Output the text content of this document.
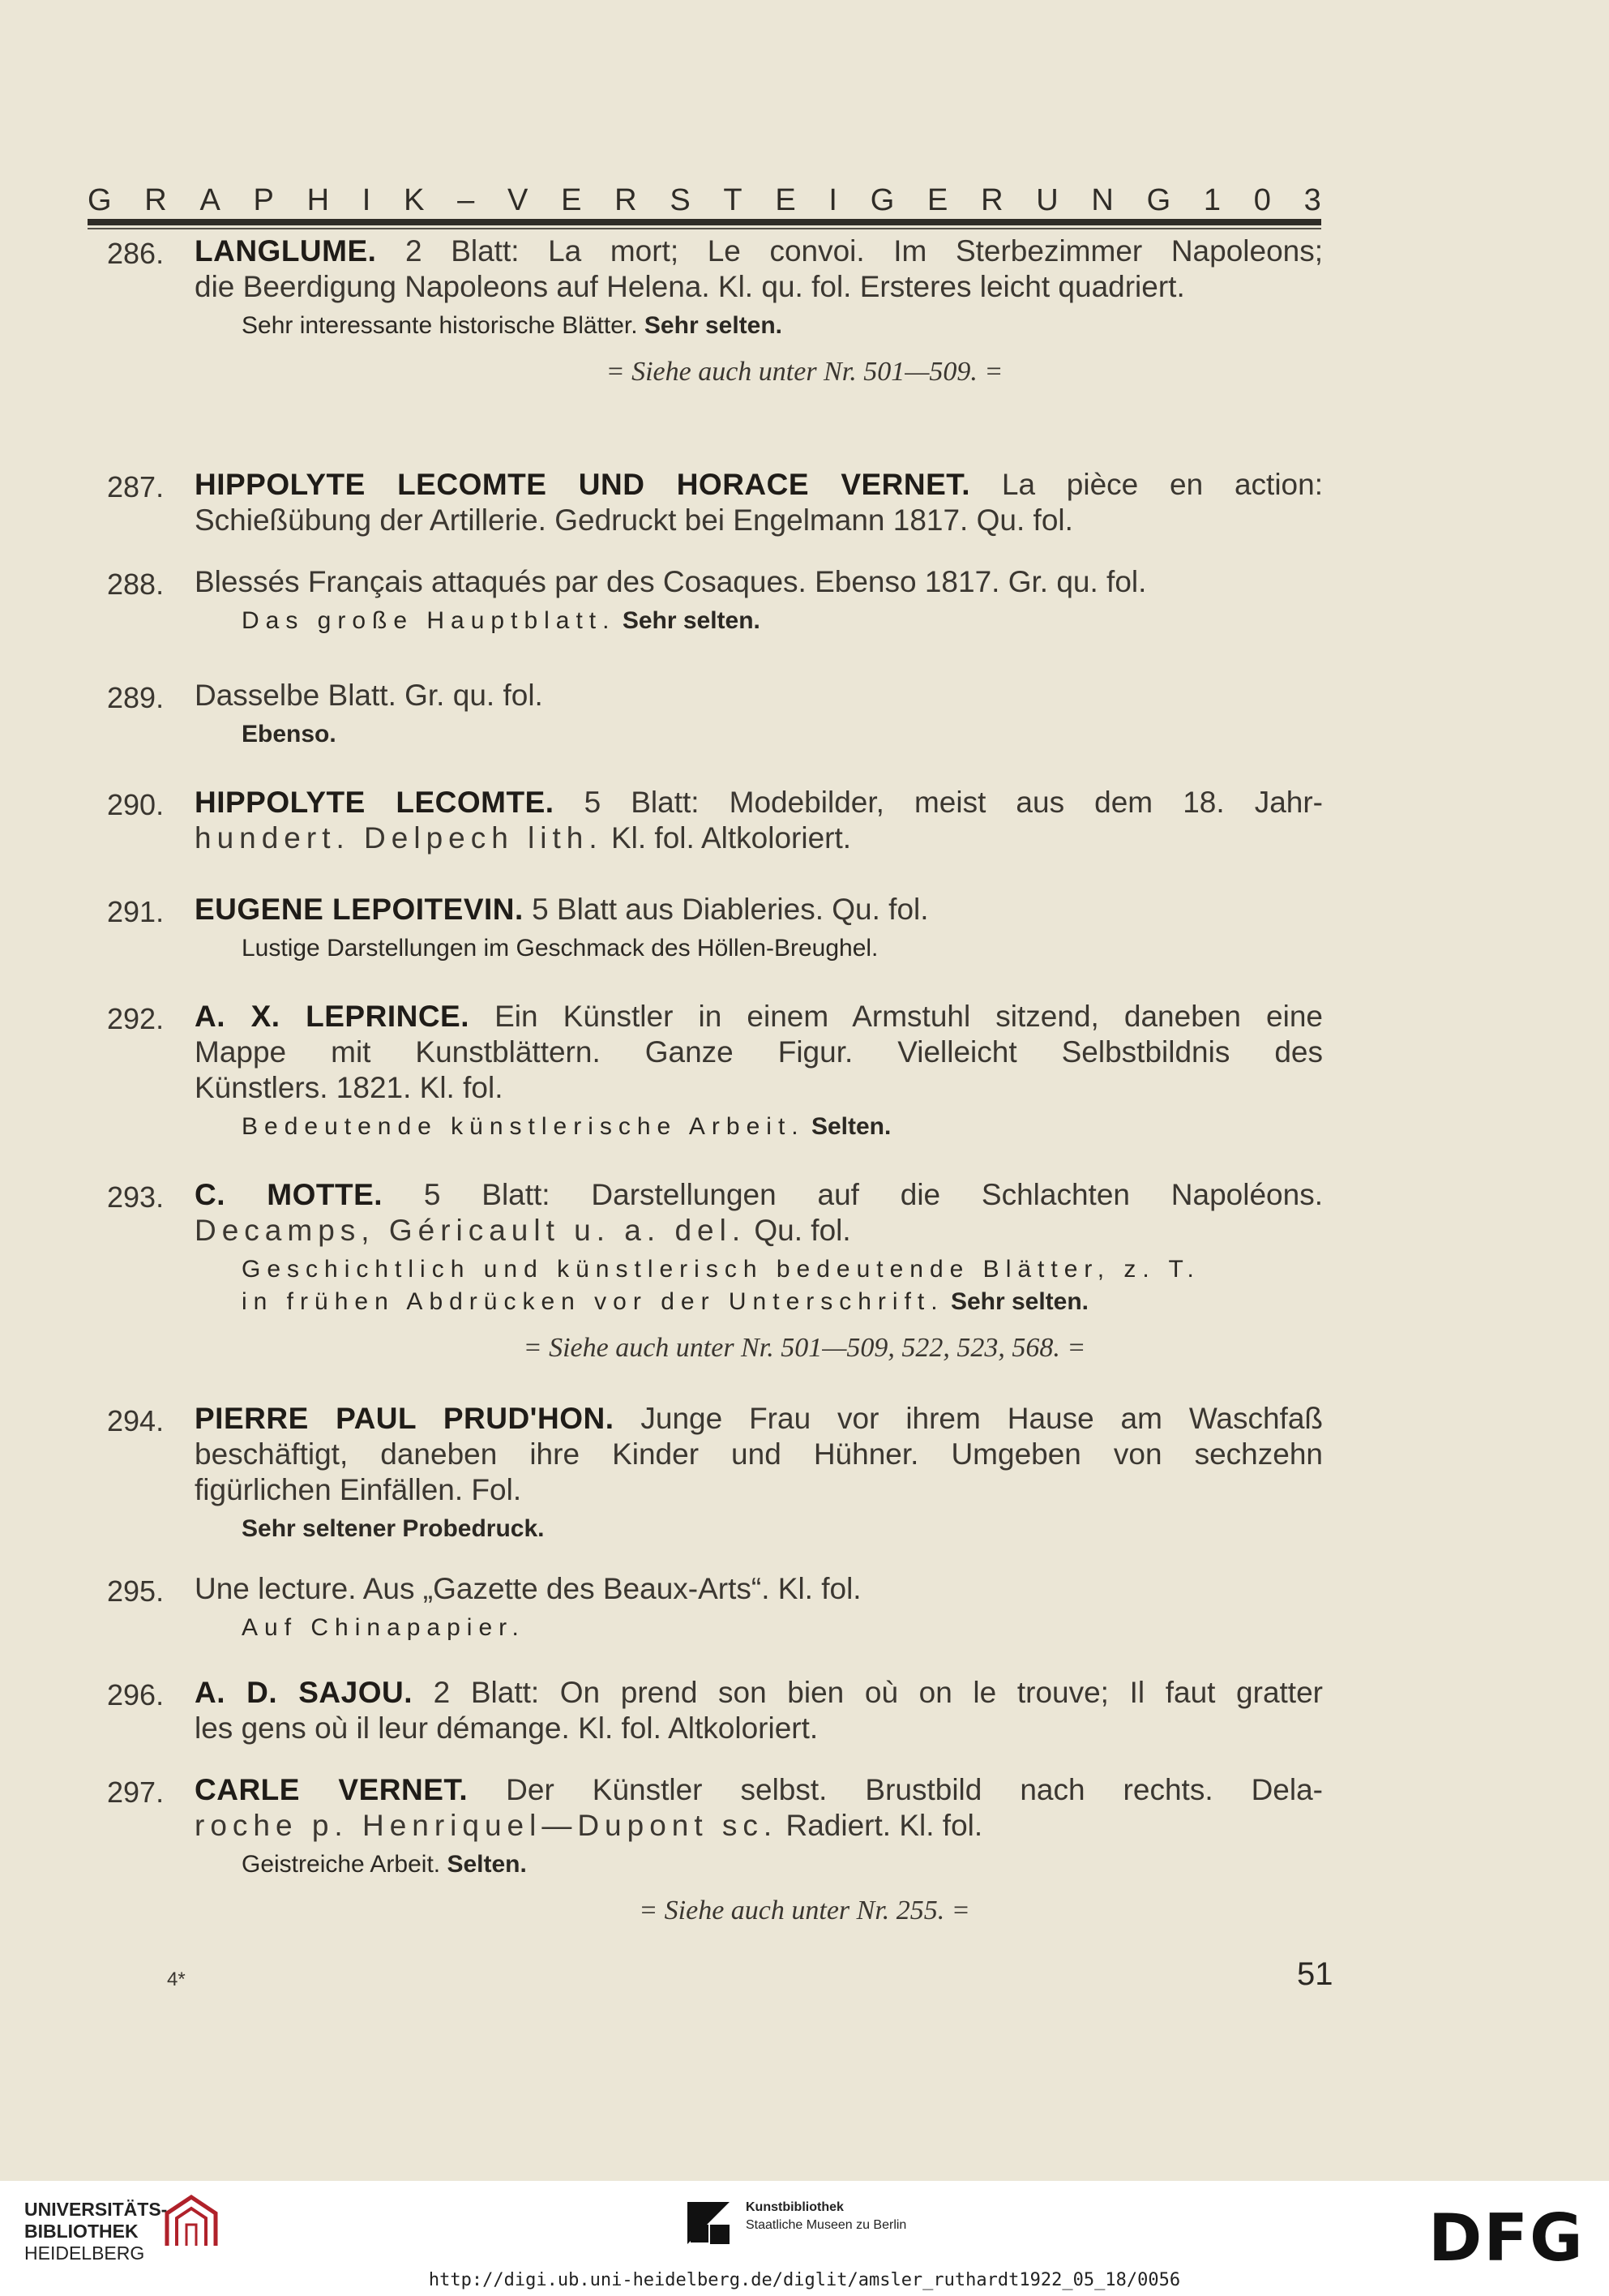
G R A P H I K – V E R S T E I G E R U N G 1 0 3
286. LANGLUME. 2 Blatt: La mort; Le convoi. Im Sterbezimmer Napoleons;
die Beerdigung Napoleons auf Helena. Kl. qu. fol. Ersteres leicht quadriert.
Sehr interessante historische Blätter. Sehr selten.
= Siehe auch unter Nr. 501—509. =
287. HIPPOLYTE LECOMTE UND HORACE VERNET. La pièce en action:
Schießübung der Artillerie. Gedruckt bei Engelmann 1817. Qu. fol.
288. Blessés Français attaqués par des Cosaques. Ebenso 1817. Gr. qu. fol.
Das große Hauptblatt. Sehr selten.
289. Dasselbe Blatt. Gr. qu. fol.
Ebenso.
290. HIPPOLYTE LECOMTE. 5 Blatt: Modebilder, meist aus dem 18. Jahr-
hundert. Delpech lith. Kl. fol. Altkoloriert.
291. EUGENE LEPOITEVIN. 5 Blatt aus Diableries. Qu. fol.
Lustige Darstellungen im Geschmack des Höllen-Breughel.
292. A. X. LEPRINCE. Ein Künstler in einem Armstuhl sitzend, daneben eine
Mappe mit Kunstblättern. Ganze Figur. Vielleicht Selbstbildnis des
Künstlers. 1821. Kl. fol.
Bedeutende künstlerische Arbeit. Selten.
293. C. MOTTE. 5 Blatt: Darstellungen auf die Schlachten Napoléons.
Decamps, Géricault u. a. del. Qu. fol.
Geschichtlich und künstlerisch bedeutende Blätter, z. T.
in frühen Abdrücken vor der Unterschrift. Sehr selten.
= Siehe auch unter Nr. 501—509, 522, 523, 568. =
294. PIERRE PAUL PRUD'HON. Junge Frau vor ihrem Hause am Waschfaß
beschäftigt, daneben ihre Kinder und Hühner. Umgeben von sechzehn
figürlichen Einfällen. Fol.
Sehr seltener Probedruck.
295. Une lecture. Aus „Gazette des Beaux-Arts“. Kl. fol.
Auf Chinapapier.
296. A. D. SAJOU. 2 Blatt: On prend son bien où on le trouve; Il faut gratter
les gens où il leur démange. Kl. fol. Altkoloriert.
297. CARLE VERNET. Der Künstler selbst. Brustbild nach rechts. Dela-
roche p. Henriquel—Dupont sc. Radiert. Kl. fol.
Geistreiche Arbeit. Selten.
= Siehe auch unter Nr. 255. =
4*	51
UNIVERSITÄTS-
BIBLIOTHEK
HEIDELBERG
Kunstbibliothek
Staatliche Museen zu Berlin	DFG
http://digi.ub.uni-heidelberg.de/diglit/amsler_ruthardt1922_05_18/0056
